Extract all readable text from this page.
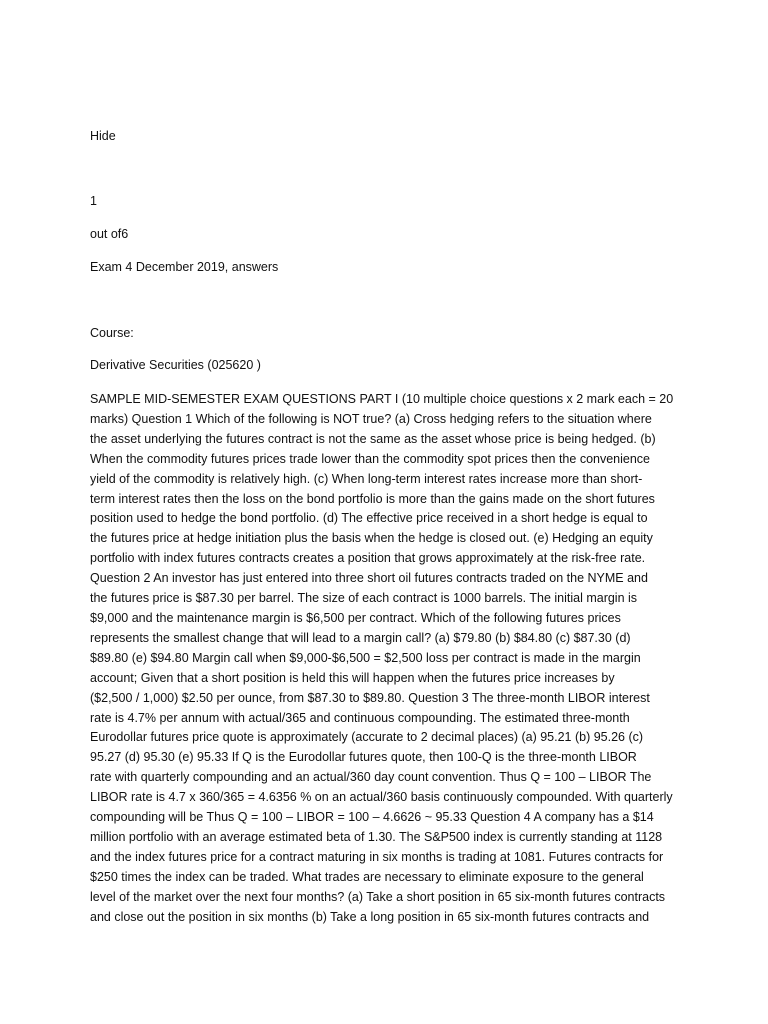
Hide
1
out of6
Exam 4 December 2019, answers
Course:
Derivative Securities (025620 )
SAMPLE MID-SEMESTER EXAM QUESTIONS PART I (10 multiple choice questions x 2 mark each = 20
marks) Question 1 Which of the following is NOT true? (a) Cross hedging refers to the situation where
the asset underlying the futures contract is not the same as the asset whose price is being hedged. (b)
When the commodity futures prices trade lower than the commodity spot prices then the convenience
yield of the commodity is relatively high. (c) When long-term interest rates increase more than short-
term interest rates then the loss on the bond portfolio is more than the gains made on the short futures
position used to hedge the bond portfolio. (d) The effective price received in a short hedge is equal to
the futures price at hedge initiation plus the basis when the hedge is closed out. (e) Hedging an equity
portfolio with index futures contracts creates a position that grows approximately at the risk-free rate.
Question 2 An investor has just entered into three short oil futures contracts traded on the NYME and
the futures price is $87.30 per barrel. The size of each contract is 1000 barrels. The initial margin is
$9,000 and the maintenance margin is $6,500 per contract. Which of the following futures prices
represents the smallest change that will lead to a margin call? (a) $79.80 (b) $84.80 (c) $87.30 (d)
$89.80 (e) $94.80 Margin call when $9,000-$6,500 = $2,500 loss per contract is made in the margin
account; Given that a short position is held this will happen when the futures price increases by
($2,500 / 1,000) $2.50 per ounce, from $87.30 to $89.80. Question 3 The three-month LIBOR interest
rate is 4.7% per annum with actual/365 and continuous compounding. The estimated three-month
Eurodollar futures price quote is approximately (accurate to 2 decimal places) (a) 95.21 (b) 95.26 (c)
95.27 (d) 95.30 (e) 95.33 If Q is the Eurodollar futures quote, then 100-Q is the three-month LIBOR
rate with quarterly compounding and an actual/360 day count convention. Thus Q = 100 – LIBOR The
LIBOR rate is 4.7 x 360/365 = 4.6356 % on an actual/360 basis continuously compounded. With quarterly
compounding will be Thus Q = 100 – LIBOR = 100 – 4.6626 ~ 95.33 Question 4 A company has a $14
million portfolio with an average estimated beta of 1.30. The S&P500 index is currently standing at 1128
and the index futures price for a contract maturing in six months is trading at 1081. Futures contracts for
$250 times the index can be traded. What trades are necessary to eliminate exposure to the general
level of the market over the next four months? (a) Take a short position in 65 six-month futures contracts
and close out the position in six months (b) Take a long position in 65 six-month futures contracts and
